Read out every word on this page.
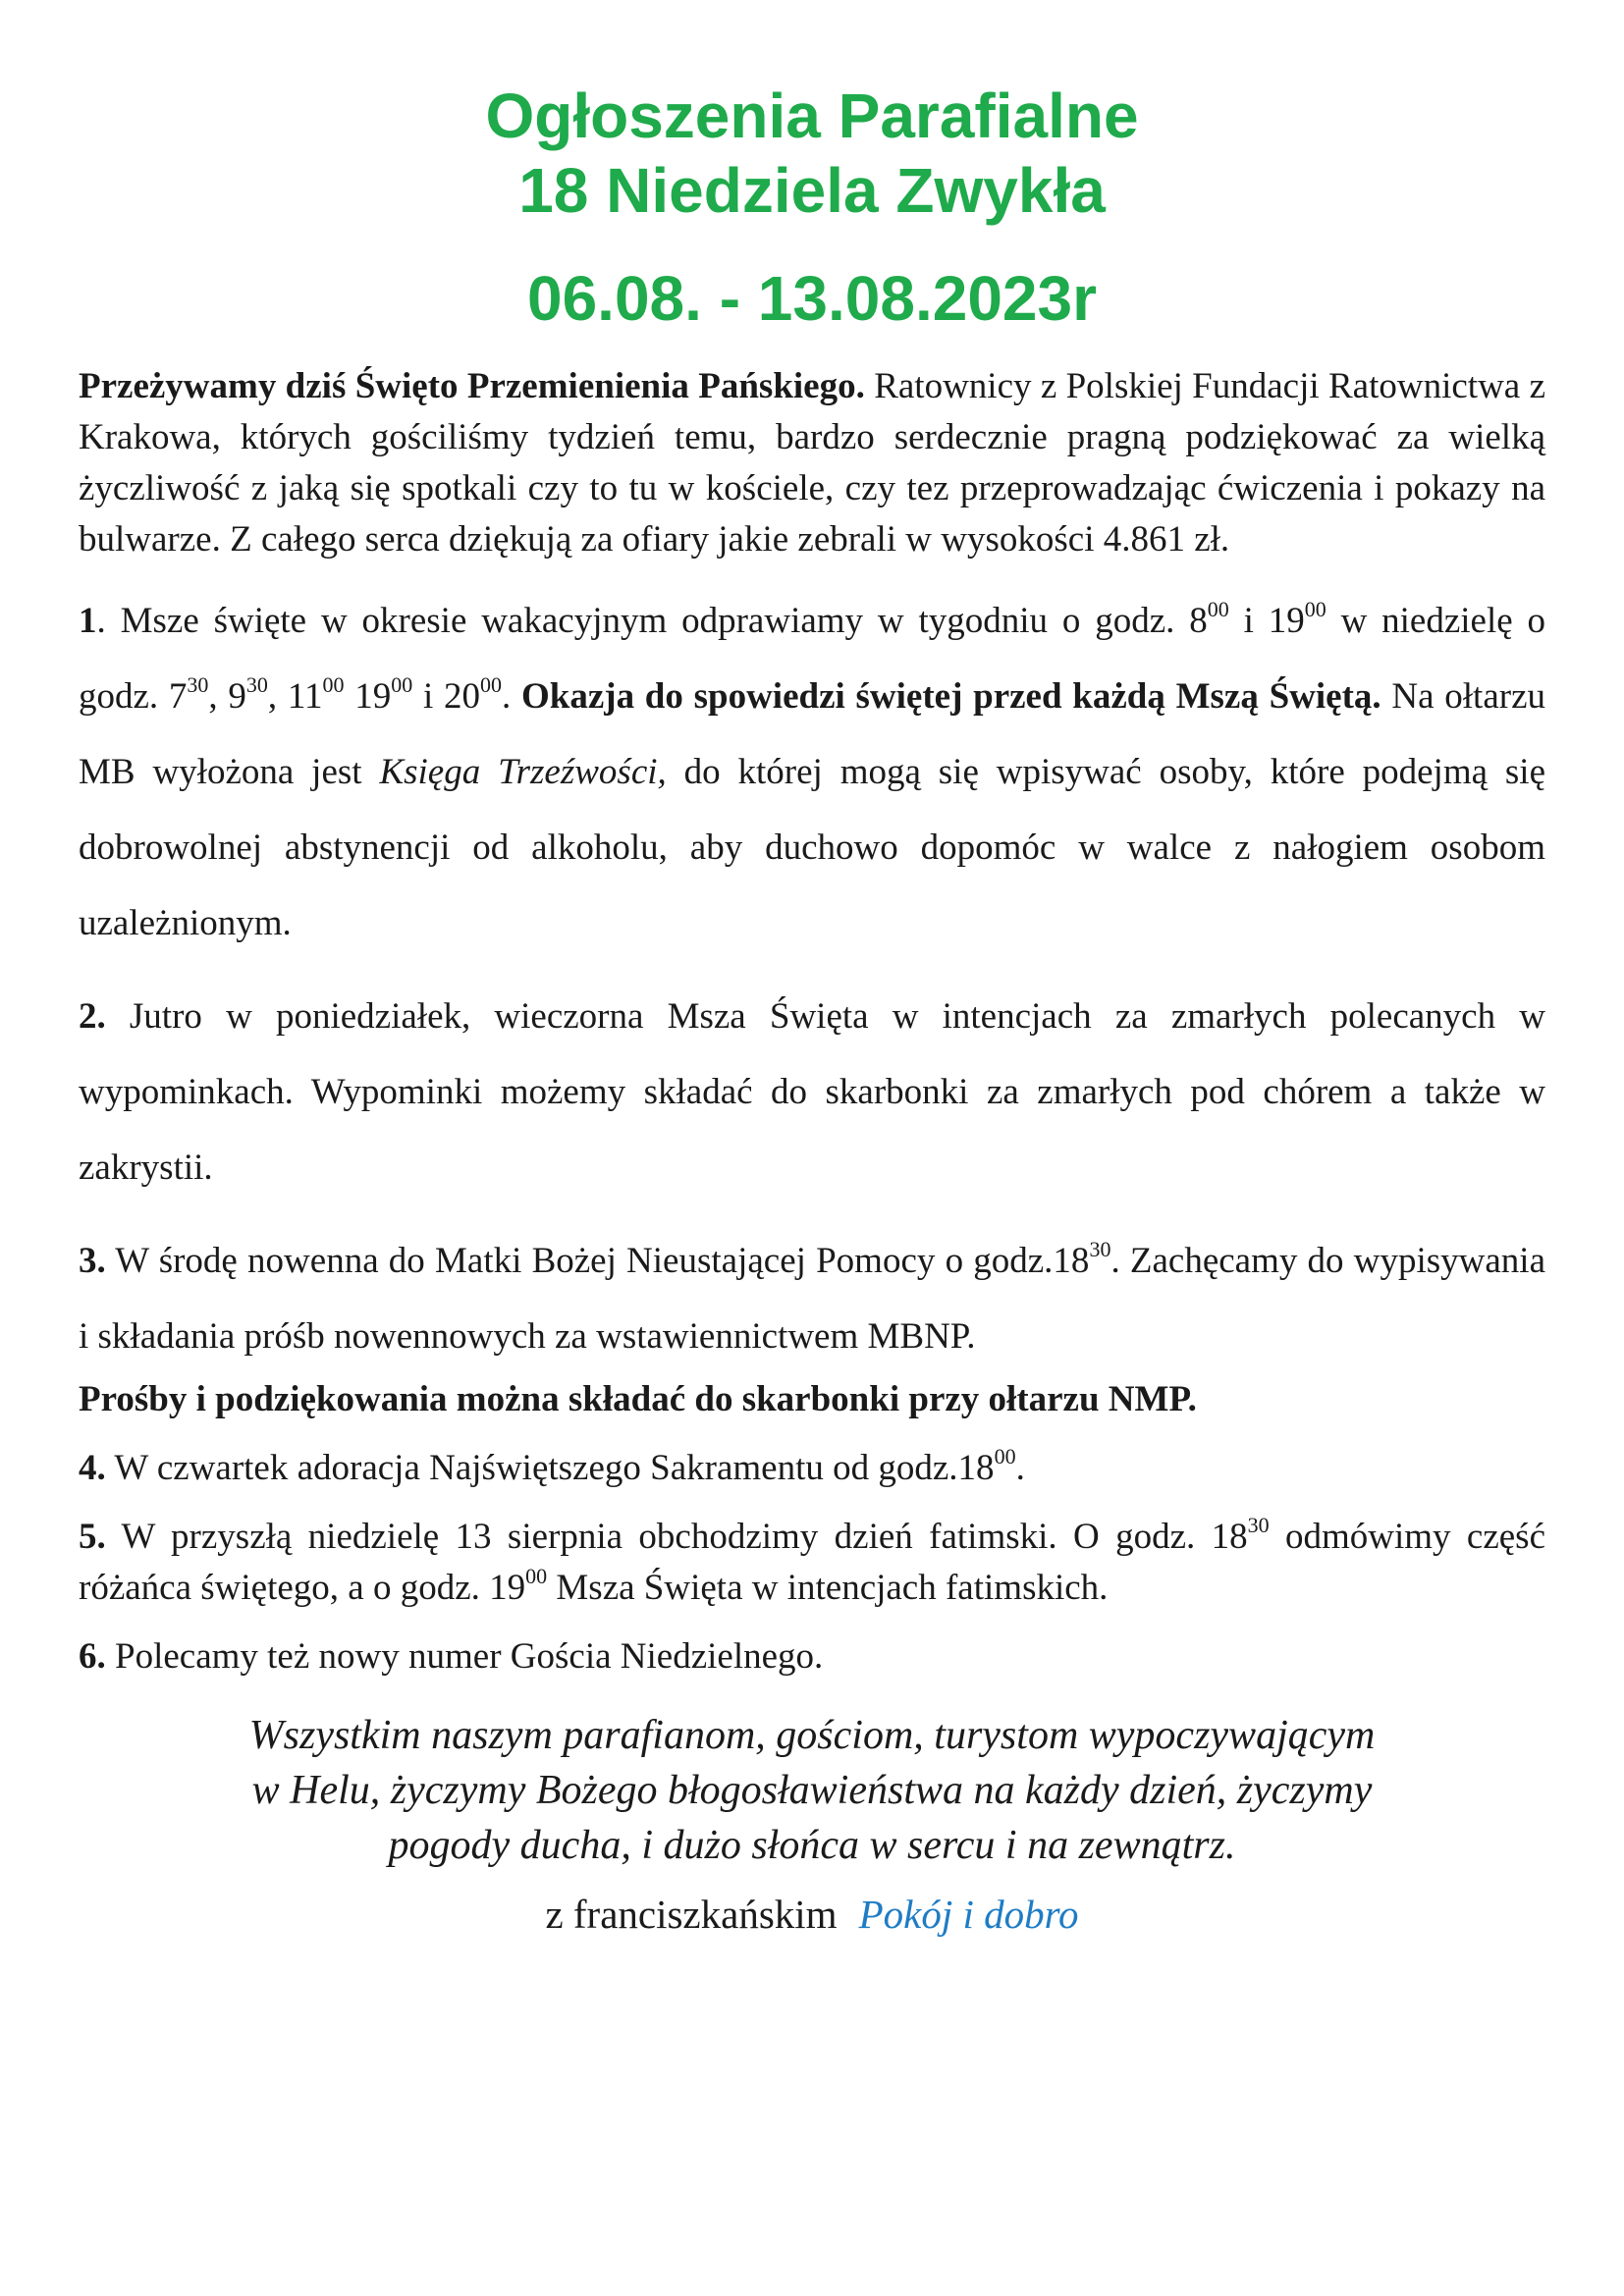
Ogłoszenia Parafialne
18 Niedziela Zwykła
06.08. - 13.08.2023r

Przeżywamy dziś Święto Przemienienia Pańskiego. Ratownicy z Polskiej Fundacji Ratownictwa z Krakowa, których gościliśmy tydzień temu, bardzo serdecznie pragną podziękować za wielką życzliwość z jaką się spotkali czy to tu w kościele, czy tez przeprowadzając ćwiczenia i pokazy na bulwarze. Z całego serca dziękują za ofiary jakie zebrali w wysokości 4.861 zł.

1. Msze święte w okresie wakacyjnym odprawiamy w tygodniu o godz. $8^{00}$ i $19^{00}$ w niedzielę o godz. $7^{30}$, $9^{30}$, $11^{00}$ $19^{00}$ i $20^{00}$. Okazja do spowiedzi świętej przed każdą Mszą Świętą. Na ołtarzu MB wyłożona jest Księga Trzeźwości, do której mogą się wpisywać osoby, które podejmą się dobrowolnej abstynencji od alkoholu, aby duchowo dopomóc w walce z nałogiem osobom uzależnionym.

2. Jutro w poniedziałek, wieczorna Msza Święta w intencjach za zmarłych polecanych w wypominkach. Wypominki możemy składać do skarbonki za zmarłych pod chórem a także w zakrystii.

3. W środę nowenna do Matki Bożej Nieustającej Pomocy o $godz.18^{30}$. Zachęcamy do wypisywania i składania próśb nowennowych za wstawiennictwem MBNP.

Prośby i podziękowania można składać do skarbonki przy ołtarzu NMP.

4. W czwartek adoracja Najświętszego Sakramentu od $godz.18^{00}$.

5. W przyszłą niedzielę 13 sierpnia obchodzimy dzień fatimski. O godz. $18^{30}$ odmówimy część różańca świętego, a o godz. $19^{00}$ Msza Święta w intencjach fatimskich.

6. Polecamy też nowy numer Gościa Niedzielnego.

Wszystkim naszym parafianom, gościom, turystom wypoczywającym
w Helu, życzymy Bożego błogosławieństwa na każdy dzień, życzymy
pogody ducha, i dużo słońca w sercu i na zewnątrz.
z franciszkańskim Pokój i dobro
